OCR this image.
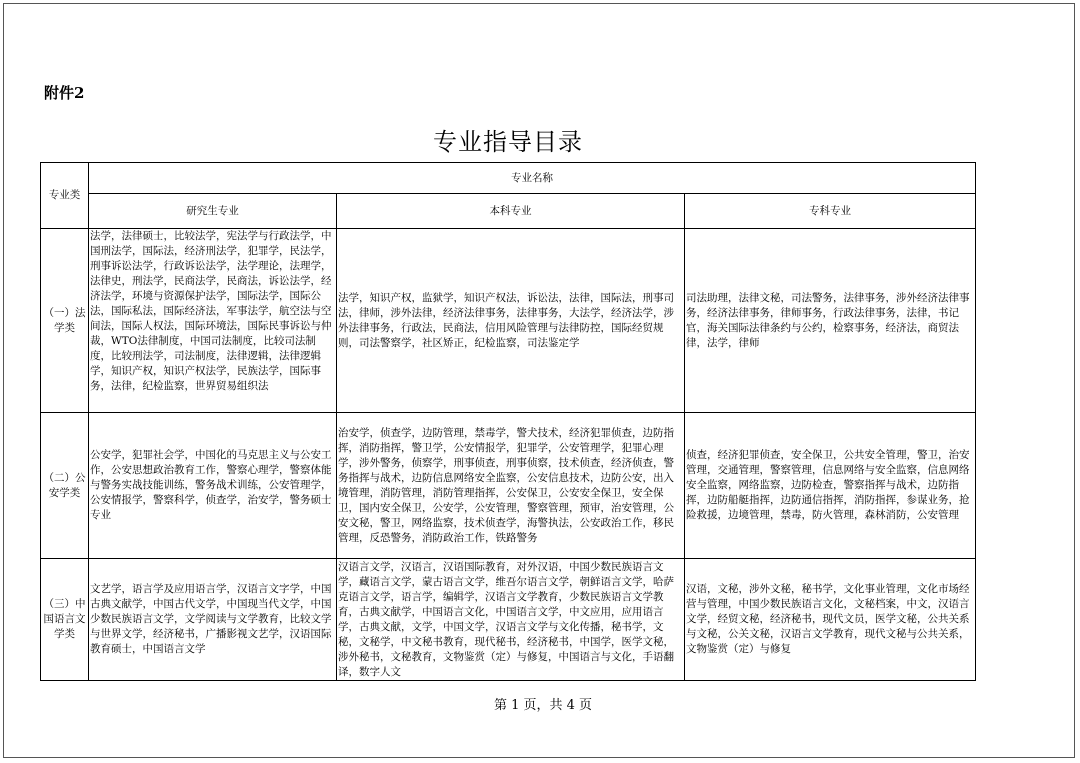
附件2
专业指导目录
专业类	专业名称		
	研究生专业	本科专业	专科专业
（一）法学类	法学，法律硕士，比较法学，宪法学与行政法学，中国刑法学，国际法，经济刑法学，犯罪学，民法学，刑事诉讼法学，行政诉讼法学，法学理论，法理学，法律史，刑法学，民商法学，民商法，诉讼法学，经济法学，环境与资源保护法学，国际法学，国际公法，国际私法，国际经济法，军事法学，航空法与空间法，国际人权法，国际环境法，国际民事诉讼与仲裁，WTO法律制度，中国司法制度，比较司法制度，比较刑法学，司法制度，法律逻辑，法律逻辑学，知识产权，知识产权法学，民族法学，国际事务，法律，纪检监察，世界贸易组织法	法学，知识产权，监狱学，知识产权法，诉讼法，法律，国际法，刑事司法，律师，涉外法律，经济法律事务，法律事务，大法学，经济法学，涉外法律事务，行政法，民商法，信用风险管理与法律防控，国际经贸规则，司法警察学，社区矫正，纪检监察，司法鉴定学	司法助理，法律文秘，司法警务，法律事务，涉外经济法律事务，经济法律事务，律师事务，行政法律事务，法律，书记官，海关国际法律条约与公约，检察事务，经济法，商贸法律，法学，律师
（二）公安学类	公安学，犯罪社会学，中国化的马克思主义与公安工作，公安思想政治教育工作，警察心理学，警察体能与警务实战技能训练，警务战术训练，公安管理学，公安情报学，警察科学，侦查学，治安学，警务硕士专业	治安学，侦查学，边防管理，禁毒学，警犬技术，经济犯罪侦查，边防指挥，消防指挥，警卫学，公安情报学，犯罪学，公安管理学，犯罪心理学，涉外警务，侦察学，刑事侦查，刑事侦察，技术侦查，经济侦查，警务指挥与战术，边防信息网络安全监察，公安信息技术，边防公安，出入境管理，消防管理，消防管理指挥，公安保卫，公安安全保卫，安全保卫，国内安全保卫，公安学，公安管理，警察管理，预审，治安管理，公安文秘，警卫，网络监察，技术侦查学，海警执法，公安政治工作，移民管理，反恐警务，消防政治工作，铁路警务	侦查，经济犯罪侦查，安全保卫，公共安全管理，警卫，治安管理，交通管理，警察管理，信息网络与安全监察，信息网络安全监察，网络监察，边防检查，警察指挥与战术，边防指挥，边防船艇指挥，边防通信指挥，消防指挥，参谋业务，抢险救援，边境管理，禁毒，防火管理，森林消防，公安管理
（三）中国语言文学类	文艺学，语言学及应用语言学，汉语言文字学，中国古典文献学，中国古代文学，中国现当代文学，中国少数民族语言文学，文学阅读与文学教育，比较文学与世界文学，经济秘书，广播影视文艺学，汉语国际教育硕士，中国语言文学	汉语言文学，汉语言，汉语国际教育，对外汉语，中国少数民族语言文学，藏语言文学，蒙古语言文学，维吾尔语言文学，朝鲜语言文学，哈萨克语言文学，语言学，编辑学，汉语言文学教育，少数民族语言文学教育，古典文献学，中国语言文化，中国语言文学，中文应用，应用语言学，古典文献，文学，中国文学，汉语言文学与文化传播，秘书学，文秘，文秘学，中文秘书教育，现代秘书，经济秘书，中国学，医学文秘，涉外秘书，文秘教育，文物鉴赏（定）与修复，中国语言与文化，手语翻译，数字人文	汉语，文秘，涉外文秘，秘书学，文化事业管理，文化市场经营与管理，中国少数民族语言文化，文秘档案，中文，汉语言文学，经贸文秘，经济秘书，现代文员，医学文秘，公共关系与文秘，公关文秘，汉语言文学教育，现代文秘与公共关系，文物鉴赏（定）与修复
第 1 页，共 4 页
